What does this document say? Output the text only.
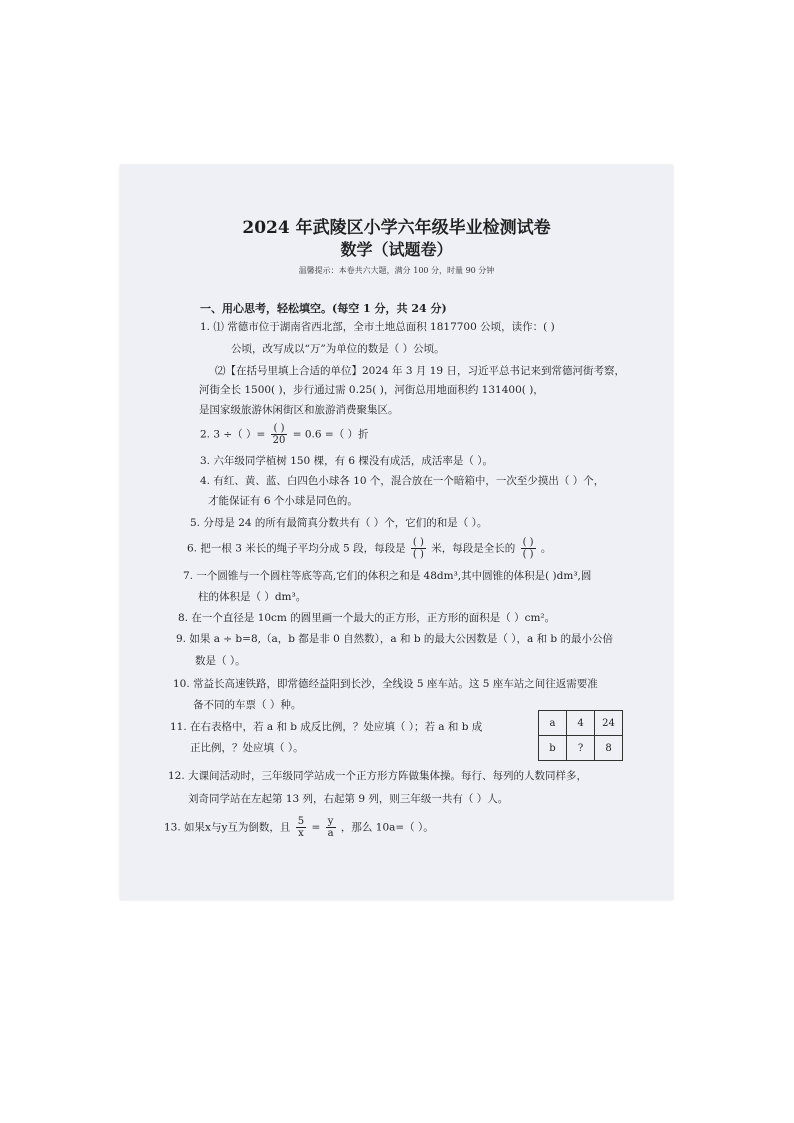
2024 年武陵区小学六年级毕业检测试卷
数学（试题卷）
温馨提示：本卷共六大题，满分 100 分，时量 90 分钟
一、用心思考，轻松填空。(每空 1 分，共 24 分)
1. ⑴ 常德市位于湖南省西北部，全市土地总面积 1817700 公顷，读作：( )
公顷，改写成以“万”为单位的数是（ ）公顷。
⑵【在括号里填上合适的单位】2024 年 3 月 19 日，习近平总书记来到常德河街考察，
河街全长 1500( )，步行通过需 0.25( )，河街总用地面积约 131400( )，
是国家级旅游休闲街区和旅游消费聚集区。
2. 3 ÷（ ）= $\frac{( )}{20} = 0.6$ =（ ）折
3. 六年级同学植树 150 棵，有 6 棵没有成活，成活率是（ ）。
4. 有红、黄、蓝、白四色小球各 10 个，混合放在一个暗箱中，一次至少摸出（ ）个，
才能保证有 6 个小球是同色的。
5. 分母是 24 的所有最简真分数共有（ ）个，它们的和是（ ）。
6. 把一根 3 米长的绳子平均分成 5 段，每段是 $\frac{( )}{( )}$ 米，每段是全长的 $\frac{( )}{( )}$ 。
7. 一个圆锥与一个圆柱等底等高,它们的体积之和是 48dm³,其中圆锥的体积是( )dm³,圆
柱的体积是（ ）dm³。
8. 在一个直径是 10cm 的圆里画一个最大的正方形，正方形的面积是（ ）cm²。
9. 如果 a ÷ b=8,（a，b 都是非 0 自然数），a 和 b 的最大公因数是（ ），a 和 b 的最小公倍
数是（ ）。
10. 常益长高速铁路，即常德经益阳到长沙，全线设 5 座车站。这 5 座车站之间往返需要准
备不同的车票（ ）种。
11. 在右表格中，若 a 和 b 成反比例，？处应填（ ）；若 a 和 b 成
正比例，？处应填（ ）。
a	4	24
b	?	8
12. 大课间活动时，三年级同学站成一个正方形方阵做集体操。每行、每列的人数同样多，
刘奇同学站在左起第 13 列，右起第 9 列，则三年级一共有（ ）人。
13. 如果x与y互为倒数，且 $\frac{5}{x} = \frac{y}{a}$ ，那么 10a=（ ）。
